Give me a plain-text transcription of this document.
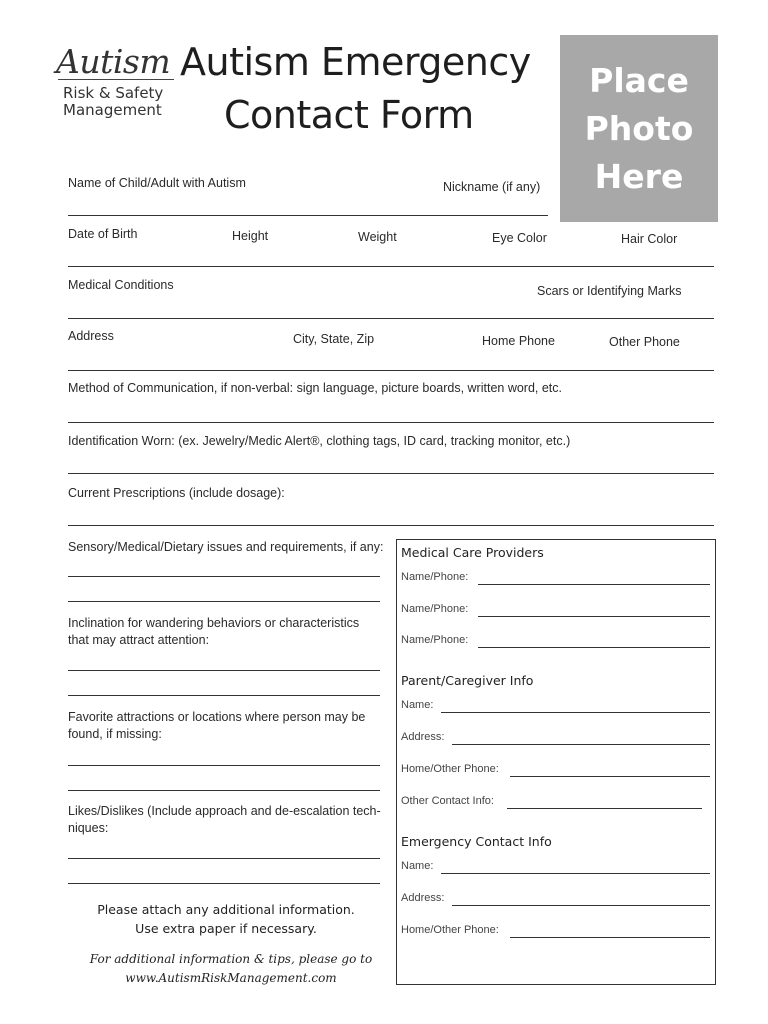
Autism
Risk & Safety
Management
Autism Emergency
Contact Form
Place
Photo
Here
Name of Child/Adult with Autism	Nickname (if any)
Date of Birth	Height	Weight	Eye Color	Hair Color
Medical Conditions	Scars or Identifying Marks
Address	City, State, Zip	Home Phone	Other Phone
Method of Communication, if non-verbal: sign language, picture boards, written word, etc.
Identification Worn: (ex. Jewelry/Medic Alert®, clothing tags, ID card, tracking monitor, etc.)
Current Prescriptions (include dosage):
Sensory/Medical/Dietary issues and requirements, if any:
Inclination for wandering behaviors or characteristics that may attract attention:
Favorite attractions or locations where person may be found, if missing:
Likes/Dislikes (Include approach and de-escalation tech-niques:
Please attach any additional information.
Use extra paper if necessary.
For additional information & tips, please go to
www.AutismRiskManagement.com
Medical Care Providers
Name/Phone:
Name/Phone:
Name/Phone:
Parent/Caregiver Info
Name:
Address:
Home/Other Phone:
Other Contact Info:
Emergency Contact Info
Name:
Address:
Home/Other Phone:
